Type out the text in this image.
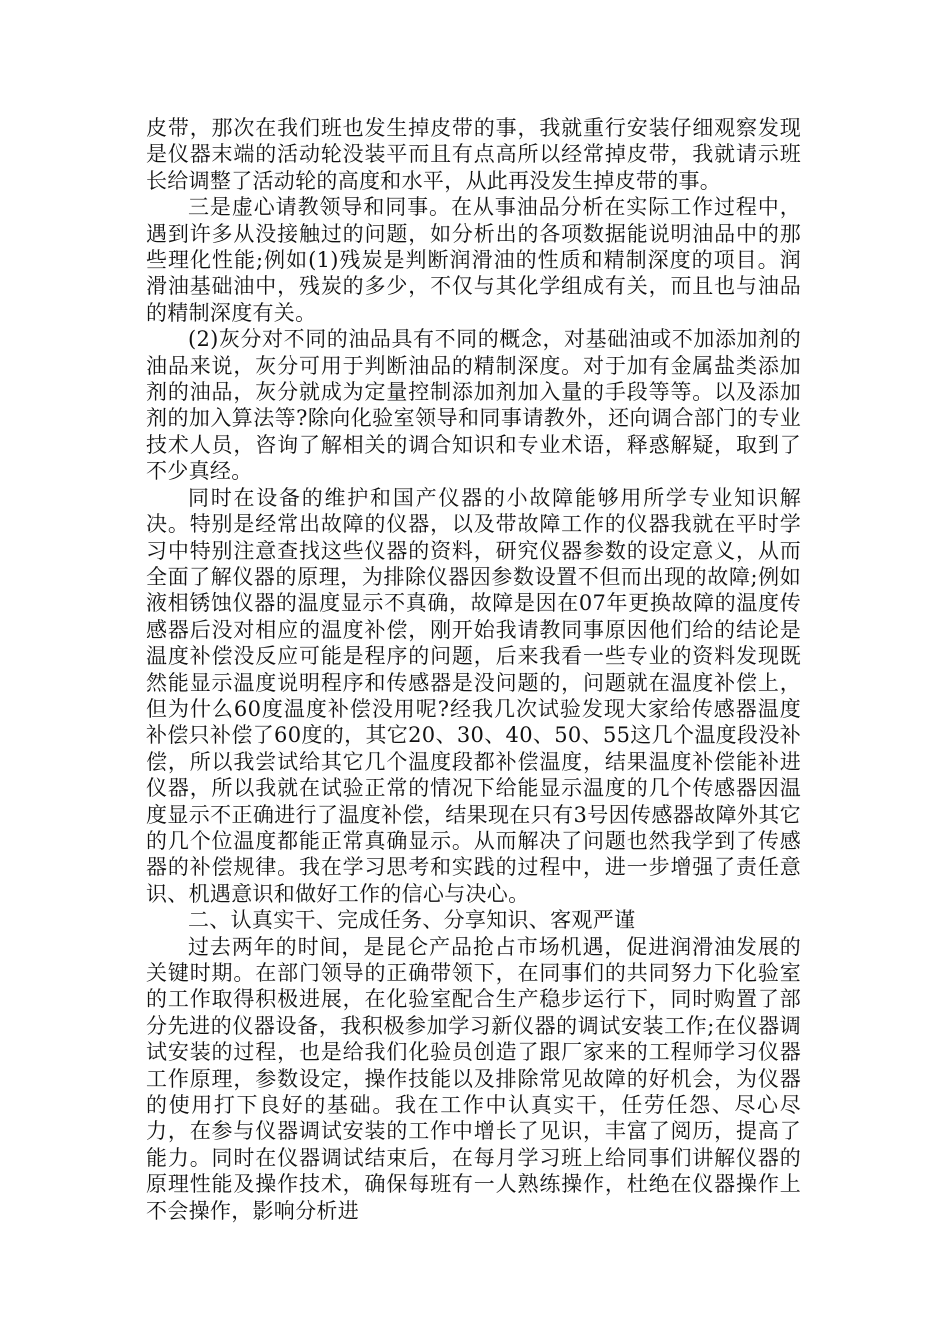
皮带，那次在我们班也发生掉皮带的事，我就重行安装仔细观察发现是仪器末端的活动轮没装平而且有点高所以经常掉皮带，我就请示班长给调整了活动轮的高度和水平，从此再没发生掉皮带的事。

三是虚心请教领导和同事。在从事油品分析在实际工作过程中，遇到许多从没接触过的问题，如分析出的各项数据能说明油品中的那些理化性能;例如(1)残炭是判断润滑油的性质和精制深度的项目。润滑油基础油中，残炭的多少，不仅与其化学组成有关，而且也与油品的精制深度有关。

(2)灰分对不同的油品具有不同的概念，对基础油或不加添加剂的油品来说，灰分可用于判断油品的精制深度。对于加有金属盐类添加剂的油品，灰分就成为定量控制添加剂加入量的手段等等。以及添加剂的加入算法等?除向化验室领导和同事请教外，还向调合部门的专业技术人员，咨询了解相关的调合知识和专业术语，释惑解疑，取到了不少真经。

同时在设备的维护和国产仪器的小故障能够用所学专业知识解决。特别是经常出故障的仪器，以及带故障工作的仪器我就在平时学习中特别注意查找这些仪器的资料，研究仪器参数的设定意义，从而全面了解仪器的原理，为排除仪器因参数设置不但而出现的故障;例如液相锈蚀仪器的温度显示不真确，故障是因在07年更换故障的温度传感器后没对相应的温度补偿，刚开始我请教同事原因他们给的结论是温度补偿没反应可能是程序的问题，后来我看一些专业的资料发现既然能显示温度说明程序和传感器是没问题的，问题就在温度补偿上，但为什么60度温度补偿没用呢?经我几次试验发现大家给传感器温度补偿只补偿了60度的，其它20、30、40、50、55这几个温度段没补偿，所以我尝试给其它几个温度段都补偿温度，结果温度补偿能补进仪器，所以我就在试验正常的情况下给能显示温度的几个传感器因温度显示不正确进行了温度补偿，结果现在只有3号因传感器故障外其它的几个位温度都能正常真确显示。从而解决了问题也然我学到了传感器的补偿规律。我在学习思考和实践的过程中，进一步增强了责任意识、机遇意识和做好工作的信心与决心。

二、认真实干、完成任务、分享知识、客观严谨

过去两年的时间，是昆仑产品抢占市场机遇，促进润滑油发展的关键时期。在部门领导的正确带领下，在同事们的共同努力下化验室的工作取得积极进展，在化验室配合生产稳步运行下，同时购置了部分先进的仪器设备，我积极参加学习新仪器的调试安装工作;在仪器调试安装的过程，也是给我们化验员创造了跟厂家来的工程师学习仪器工作原理，参数设定，操作技能以及排除常见故障的好机会，为仪器的使用打下良好的基础。我在工作中认真实干，任劳任怨、尽心尽力，在参与仪器调试安装的工作中增长了见识，丰富了阅历，提高了能力。同时在仪器调试结束后，在每月学习班上给同事们讲解仪器的原理性能及操作技术，确保每班有一人熟练操作，杜绝在仪器操作上不会操作，影响分析进
